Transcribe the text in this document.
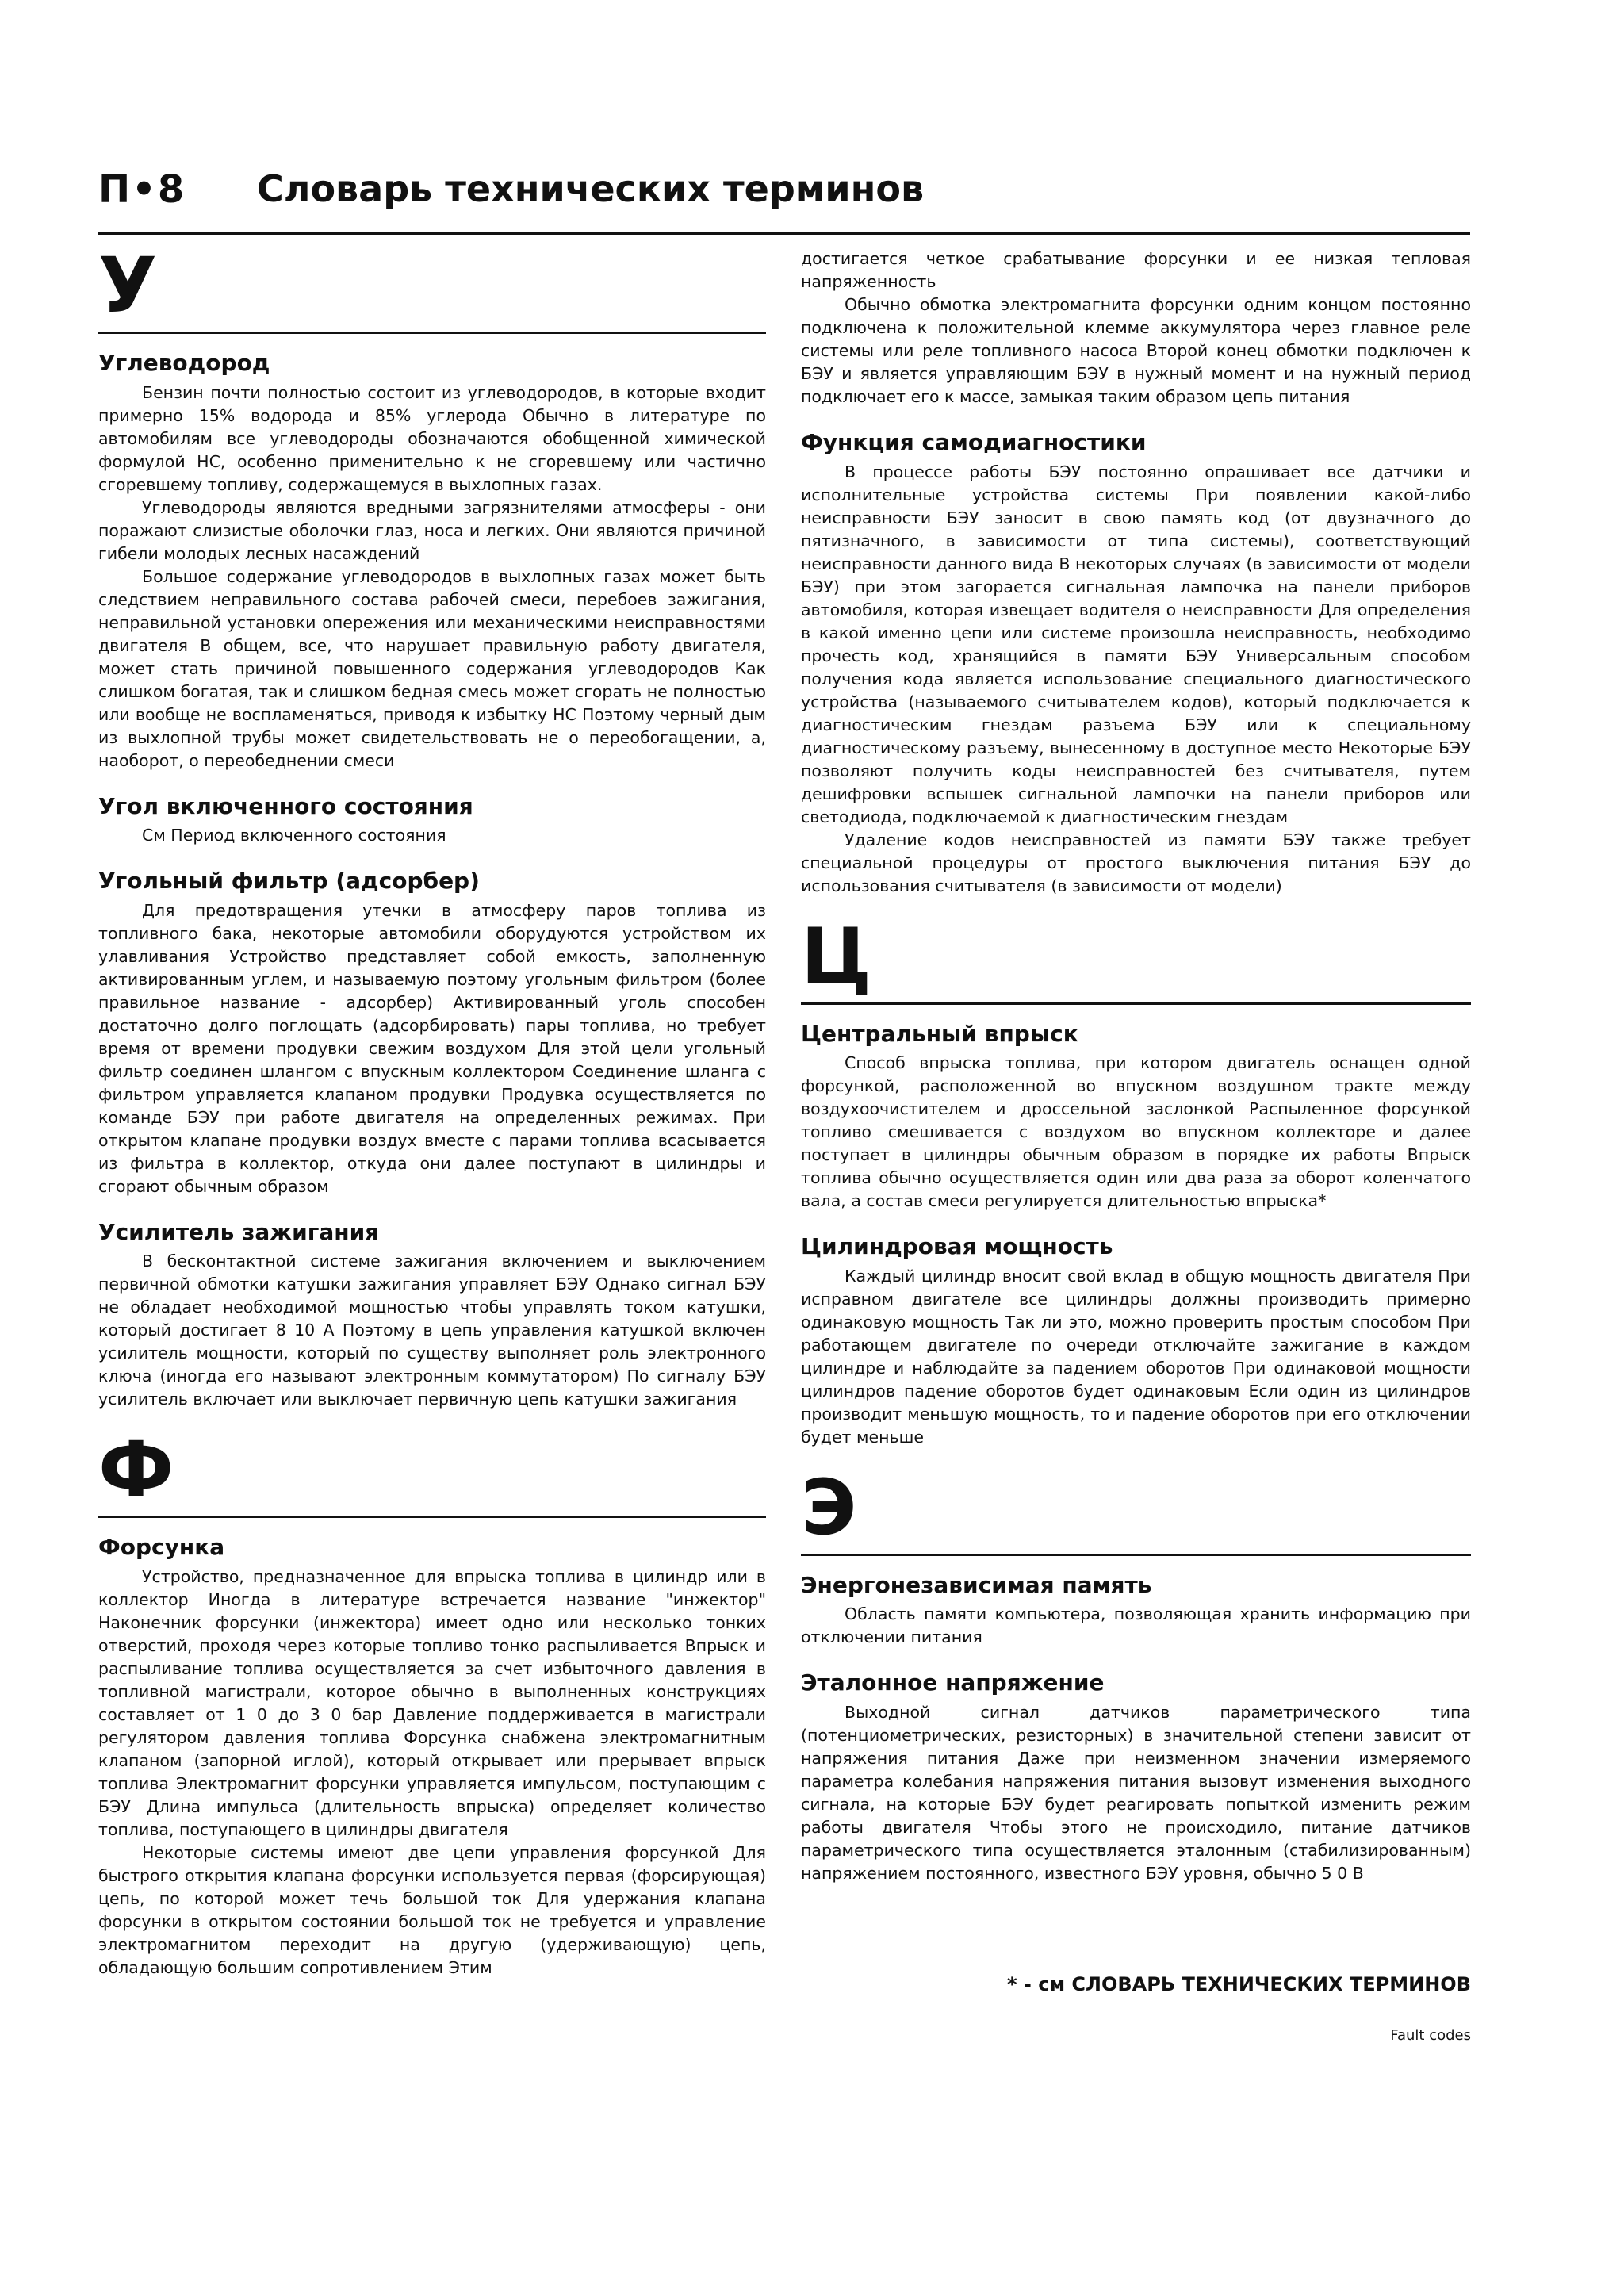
П•8 Словарь технических терминов
У
Углеводород

Бензин почти полностью состоит из углеводородов, в которые входит примерно 15% водорода и 85% углерода Обычно в литературе по автомобилям все углеводороды обозначаются обобщенной химической формулой НС, особенно применительно к не сгоревшему или частично сгоревшему топливу, содержащемуся в выхлопных газах.

Углеводороды являются вредными загрязнителями атмосферы - они поражают слизистые оболочки глаз, носа и легких. Они являются причиной гибели молодых лесных насаждений

Большое содержание углеводородов в выхлопных газах может быть следствием неправильного состава рабочей смеси, перебоев зажигания, неправильной установки опережения или механическими неисправностями двигателя В общем, все, что нарушает правильную работу двигателя, может стать причиной повышенного содержания углеводородов Как слишком богатая, так и слишком бедная смесь может сгорать не полностью или вообще не воспламеняться, приводя к избытку НС Поэтому черный дым из выхлопной трубы может свидетельствовать не о переобогащении, а, наоборот, о переобеднении смеси

Угол включенного состояния

См Период включенного состояния

Угольный фильтр (адсорбер)

Для предотвращения утечки в атмосферу паров топлива из топливного бака, некоторые автомобили оборудуются устройством их улавливания Устройство представляет собой емкость, заполненную активированным углем, и называемую поэтому угольным фильтром (более правильное название - адсорбер) Активированный уголь способен достаточно долго поглощать (адсорбировать) пары топлива, но требует время от времени продувки свежим воздухом Для этой цели угольный фильтр соединен шлангом с впускным коллектором Соединение шланга с фильтром управляется клапаном продувки Продувка осуществляется по команде БЭУ при работе двигателя на определенных режимах. При открытом клапане продувки воздух вместе с парами топлива всасывается из фильтра в коллектор, откуда они далее поступают в цилиндры и сгорают обычным образом

Усилитель зажигания

В бесконтактной системе зажигания включением и выключением первичной обмотки катушки зажигания управляет БЭУ Однако сигнал БЭУ не обладает необходимой мощностью чтобы управлять током катушки, который достигает 8 10 А Поэтому в цепь управления катушкой включен усилитель мощности, который по существу выполняет роль электронного ключа (иногда его называют электронным коммутатором) По сигналу БЭУ усилитель включает или выключает первичную цепь катушки зажигания

Ф
Форсунка

Устройство, предназначенное для впрыска топлива в цилиндр или в коллектор Иногда в литературе встречается название "инжектор" Наконечник форсунки (инжектора) имеет одно или несколько тонких отверстий, проходя через которые топливо тонко распыливается Впрыск и распыливание топлива осуществляется за счет избыточного давления в топливной магистрали, которое обычно в выполненных конструкциях составляет от 1 0 до 3 0 бар Давление поддерживается в магистрали регулятором давления топлива Форсунка снабжена электромагнитным клапаном (запорной иглой), который открывает или прерывает впрыск топлива Электромагнит форсунки управляется импульсом, поступающим с БЭУ Длина импульса (длительность впрыска) определяет количество топлива, поступающего в цилиндры двигателя

Некоторые системы имеют две цепи управления форсункой Для быстрого открытия клапана форсунки используется первая (форсирующая) цепь, по которой может течь большой ток Для удержания клапана форсунки в открытом состоянии большой ток не требуется и управление электромагнитом переходит на другую (удерживающую) цепь, обладающую большим сопротивлением Этим

достигается четкое срабатывание форсунки и ее низкая тепловая напряженность

Обычно обмотка электромагнита форсунки одним концом постоянно подключена к положительной клемме аккумулятора через главное реле системы или реле топливного насоса Второй конец обмотки подключен к БЭУ и является управляющим БЭУ в нужный момент и на нужный период подключает его к массе, замыкая таким образом цепь питания

Функция самодиагностики

В процессе работы БЭУ постоянно опрашивает все датчики и исполнительные устройства системы При появлении какой-либо неисправности БЭУ заносит в свою память код (от двузначного до пятизначного, в зависимости от типа системы), соответствующий неисправности данного вида В некоторых случаях (в зависимости от модели БЭУ) при этом загорается сигнальная лампочка на панели приборов автомобиля, которая извещает водителя о неисправности Для определения в какой именно цепи или системе произошла неисправность, необходимо прочесть код, хранящийся в памяти БЭУ Универсальным способом получения кода является использование специального диагностического устройства (называемого считывателем кодов), который подключается к диагностическим гнездам разъема БЭУ или к специальному диагностическому разъему, вынесенному в доступное место Некоторые БЭУ позволяют получить коды неисправностей без считывателя, путем дешифровки вспышек сигнальной лампочки на панели приборов или светодиода, подключаемой к диагностическим гнездам

Удаление кодов неисправностей из памяти БЭУ также требует специальной процедуры от простого выключения питания БЭУ до использования считывателя (в зависимости от модели)

Ц
Центральный впрыск

Способ впрыска топлива, при котором двигатель оснащен одной форсункой, расположенной во впускном воздушном тракте между воздухоочистителем и дроссельной заслонкой Распыленное форсункой топливо смешивается с воздухом во впускном коллекторе и далее поступает в цилиндры обычным образом в порядке их работы Впрыск топлива обычно осуществляется один или два раза за оборот коленчатого вала, а состав смеси регулируется длительностью впрыска*

Цилиндровая мощность

Каждый цилиндр вносит свой вклад в общую мощность двигателя При исправном двигателе все цилиндры должны производить примерно одинаковую мощность Так ли это, можно проверить простым способом При работающем двигателе по очереди отключайте зажигание в каждом цилиндре и наблюдайте за падением оборотов При одинаковой мощности цилиндров падение оборотов будет одинаковым Если один из цилиндров производит меньшую мощность, то и падение оборотов при его отключении будет меньше

Э
Энергонезависимая память

Область памяти компьютера, позволяющая хранить информацию при отключении питания

Эталонное напряжение

Выходной сигнал датчиков параметрического типа (потенциометрических, резисторных) в значительной степени зависит от напряжения питания Даже при неизменном значении измеряемого параметра колебания напряжения питания вызовут изменения выходного сигнала, на которые БЭУ будет реагировать попыткой изменить режим работы двигателя Чтобы этого не происходило, питание датчиков параметрического типа осуществляется эталонным (стабилизированным) напряжением постоянного, известного БЭУ уровня, обычно 5 0 В

* - см СЛОВАРЬ ТЕХНИЧЕСКИХ ТЕРМИНОВ
Fault codes
